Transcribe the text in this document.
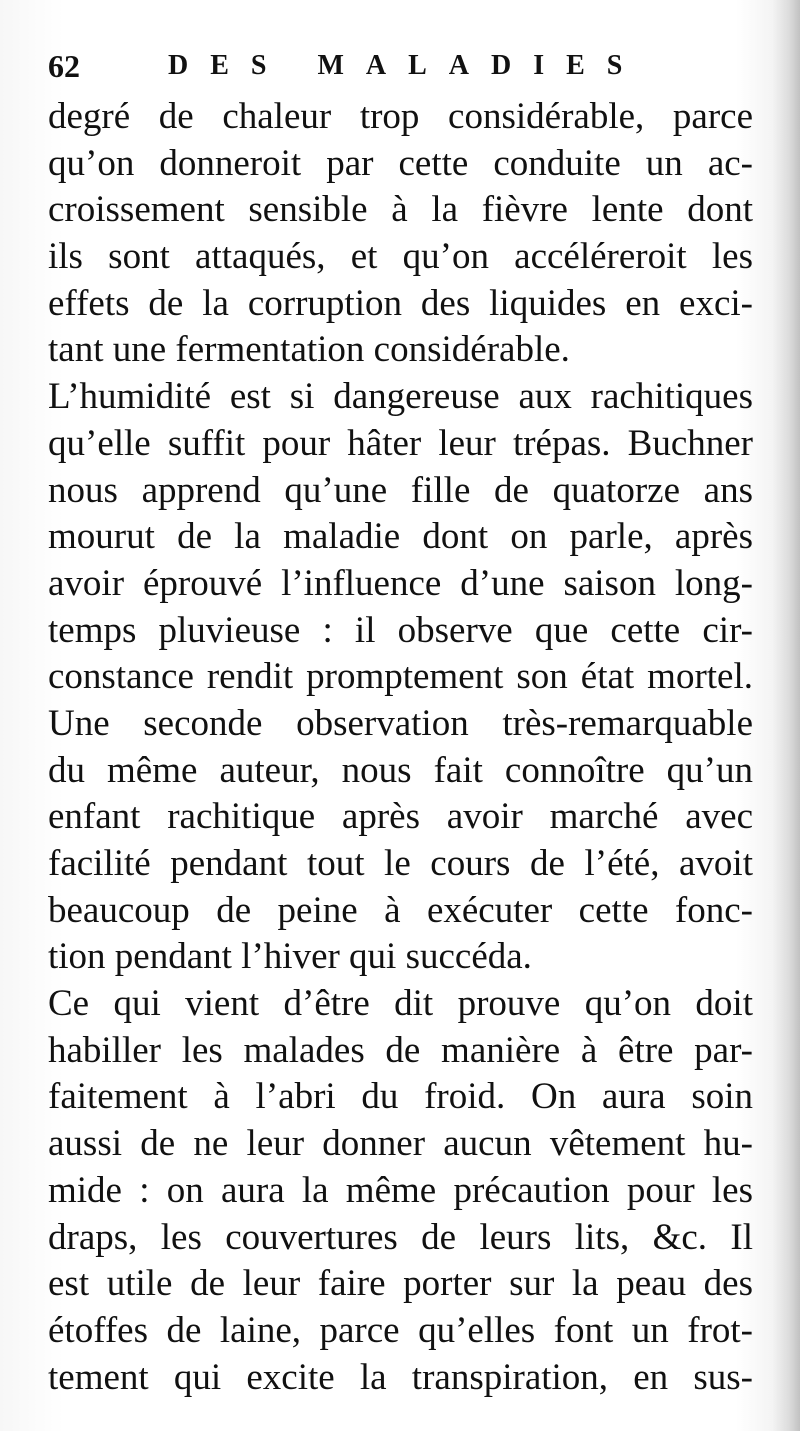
62	DES MALADIES
degré de chaleur trop considérable, parce
qu’on donneroit par cette conduite un ac-
croissement sensible à la fièvre lente dont
ils sont attaqués, et qu’on accéléreroit les
effets de la corruption des liquides en exci-
tant une fermentation considérable.
L’humidité est si dangereuse aux rachitiques
qu’elle suffit pour hâter leur trépas. Buchner
nous apprend qu’une fille de quatorze ans
mourut de la maladie dont on parle, après
avoir éprouvé l’influence d’une saison long-
temps pluvieuse : il observe que cette cir-
constance rendit promptement son état mortel.
Une seconde observation très-remarquable
du même auteur, nous fait connoître qu’un
enfant rachitique après avoir marché avec
facilité pendant tout le cours de l’été, avoit
beaucoup de peine à exécuter cette fonc-
tion pendant l’hiver qui succéda.
Ce qui vient d’être dit prouve qu’on doit
habiller les malades de manière à être par-
faitement à l’abri du froid. On aura soin
aussi de ne leur donner aucun vêtement hu-
mide : on aura la même précaution pour les
draps, les couvertures de leurs lits, &c. Il
est utile de leur faire porter sur la peau des
étoffes de laine, parce qu’elles font un frot-
tement qui excite la transpiration, en sus-
